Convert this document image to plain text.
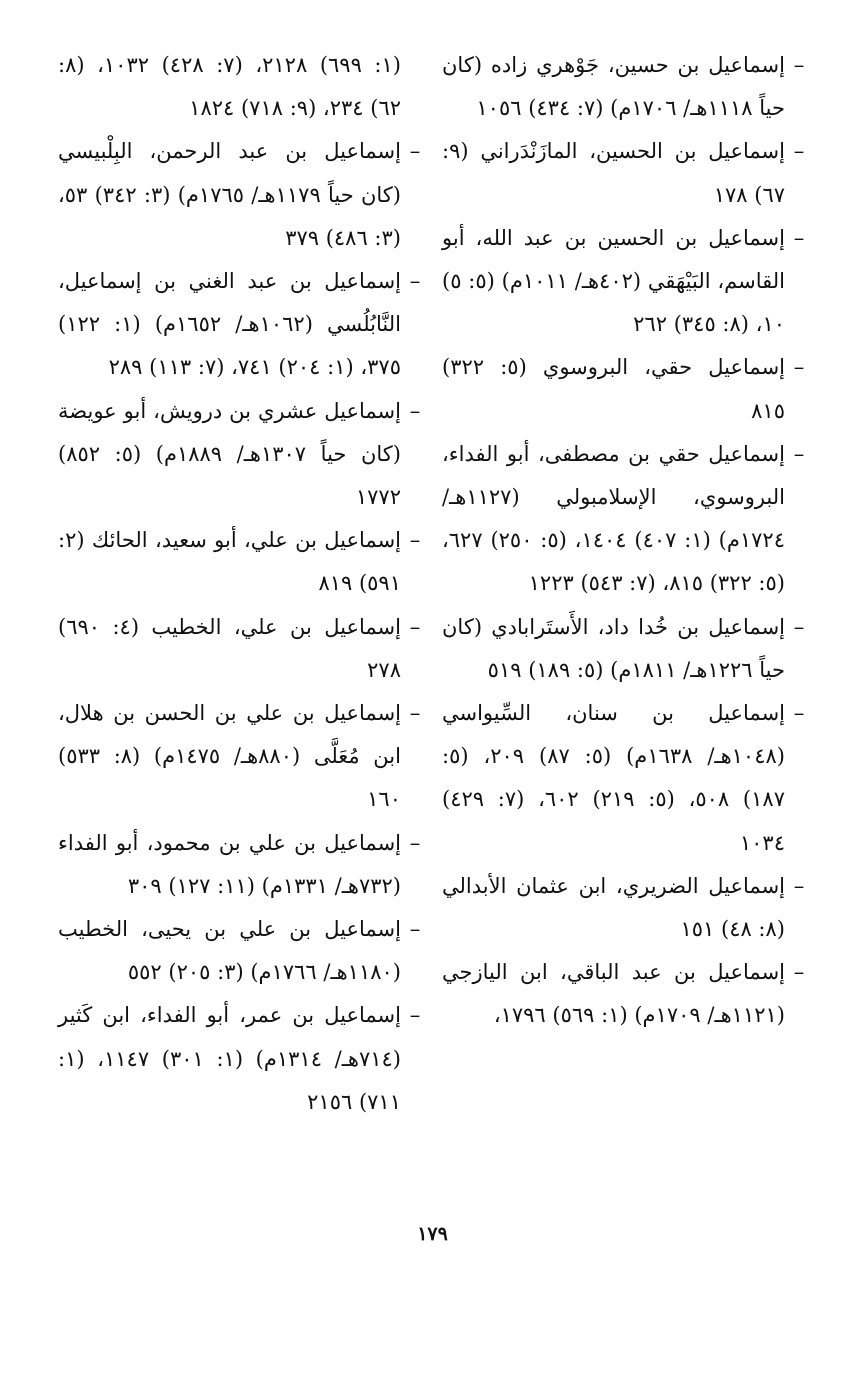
–
إسماعيل بن حسين، جَوْهري زاده (كان حياً ١١١٨هـ/ ١٧٠٦م) (٧: ٤٣٤) ١٠٥٦

–
إسماعيل بن الحسين، المازَنْدَراني (٩: ٦٧) ١٧٨

–
إسماعيل بن الحسين بن عبد الله، أبو القاسم، البَيْهَقي (٤٠٢هـ/ ١٠١١م) (٥: ٥) ١٠، (٨: ٣٤٥) ٢٦٢

–
إسماعيل حقي، البروسوي (٥: ٣٢٢) ٨١٥

–
إسماعيل حقي بن مصطفى، أبو الفداء، البروسوي، الإسلامبولي (١١٢٧هـ/ ١٧٢٤م) (١: ٤٠٧) ١٤٠٤، (٥: ٢٥٠) ٦٢٧، (٥: ٣٢٢) ٨١٥، (٧: ٥٤٣) ١٢٢٣

–
إسماعيل بن خُدا داد، الأَستَرابادي (كان حياً ١٢٢٦هـ/ ١٨١١م) (٥: ١٨٩) ٥١٩

–
إسماعيل بن سنان، السِّيواسي (١٠٤٨هـ/ ١٦٣٨م) (٥: ٨٧) ٢٠٩، (٥: ١٨٧) ٥٠٨، (٥: ٢١٩) ٦٠٢، (٧: ٤٢٩) ١٠٣٤

–
إسماعيل الضريري، ابن عثمان الأبدالي (٨: ٤٨) ١٥١

–
إسماعيل بن عبد الباقي، ابن اليازجي (١١٢١هـ/ ١٧٠٩م) (١: ٥٦٩) ١٧٩٦،

(١: ٦٩٩) ٢١٢٨، (٧: ٤٢٨) ١٠٣٢، (٨: ٦٢) ٢٣٤، (٩: ٧١٨) ١٨٢٤

–
إسماعيل بن عبد الرحمن، البِلْبيسي (كان حياً ١١٧٩هـ/ ١٧٦٥م) (٣: ٣٤٢) ٥٣، (٣: ٤٨٦) ٣٧٩

–
إسماعيل بن عبد الغني بن إسماعيل، النَّابُلُسي (١٠٦٢هـ/ ١٦٥٢م) (١: ١٢٢) ٣٧٥، (١: ٢٠٤) ٧٤١، (٧: ١١٣) ٢٨٩

–
إسماعيل عشري بن درويش، أبو عويضة (كان حياً ١٣٠٧هـ/ ١٨٨٩م) (٥: ٨٥٢) ١٧٧٢

–
إسماعيل بن علي، أبو سعيد، الحائك (٢: ٥٩١) ٨١٩

–
إسماعيل بن علي، الخطيب (٤: ٦٩٠) ٢٧٨

–
إسماعيل بن علي بن الحسن بن هلال، ابن مُعَلَّى (٨٨٠هـ/ ١٤٧٥م) (٨: ٥٣٣) ١٦٠

–
إسماعيل بن علي بن محمود، أبو الفداء (٧٣٢هـ/ ١٣٣١م) (١١: ١٢٧) ٣٠٩

–
إسماعيل بن علي بن يحيى، الخطيب (١١٨٠هـ/ ١٧٦٦م) (٣: ٢٠٥) ٥٥٢

–
إسماعيل بن عمر، أبو الفداء، ابن كَثير (٧١٤هـ/ ١٣١٤م) (١: ٣٠١) ١١٤٧، (١: ٧١١) ٢١٥٦

١٧٩
